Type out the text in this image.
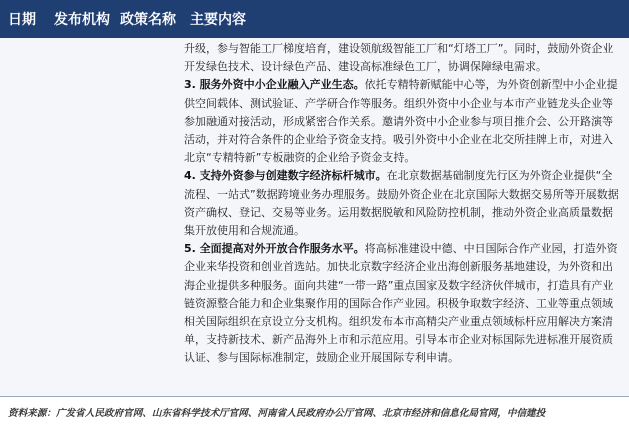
日期	发布机构 政策名称	主要内容

升级，参与智能工厂梯度培育，建设领航级智能工厂和“灯塔工厂”。同时，鼓励外资企业开发绿色技术、设计绿色产品、建设高标准绿色工厂，协调保障绿电需求。

3. 服务外资中小企业融入产业生态。依托专精特新赋能中心等，为外资创新型中小企业提供空间载体、测试验证、产学研合作等服务。组织外资中小企业与本市产业链龙头企业等参加融通对接活动，形成紧密合作关系。邀请外资中小企业参与项目推介会、公开路演等活动，并对符合条件的企业给予资金支持。吸引外资中小企业在北交所挂牌上市，对进入北京“专精特新”专板融资的企业给予资金支持。

4. 支持外资参与创建数字经济标杆城市。在北京数据基础制度先行区为外资企业提供“全流程、一站式”数据跨境业务办理服务。鼓励外资企业在北京国际大数据交易所等开展数据资产确权、登记、交易等业务。运用数据脱敏和风险防控机制，推动外资企业高质量数据集开放使用和合规流通。

5. 全面提高对外开放合作服务水平。将高标准建设中德、中日国际合作产业园，打造外资企业来华投资和创业首选站。加快北京数字经济企业出海创新服务基地建设，为外资和出海企业提供多种服务。面向共建“一带一路”重点国家及数字经济伙伴城市，打造具有产业链资源整合能力和企业集聚作用的国际合作产业园。积极争取数字经济、工业等重点领域相关国际组织在京设立分支机构。组织发布本市高精尖产业重点领域标杆应用解决方案清单，支持新技术、新产品海外上市和示范应用。引导本市企业对标国际先进标准开展资质认证、参与国际标准制定，鼓励企业开展国际专利申请。

资料来源：广发省人民政府官网、山东省科学技术厅官网、河南省人民政府办公厅官网、北京市经济和信息化局官网，中信建投
